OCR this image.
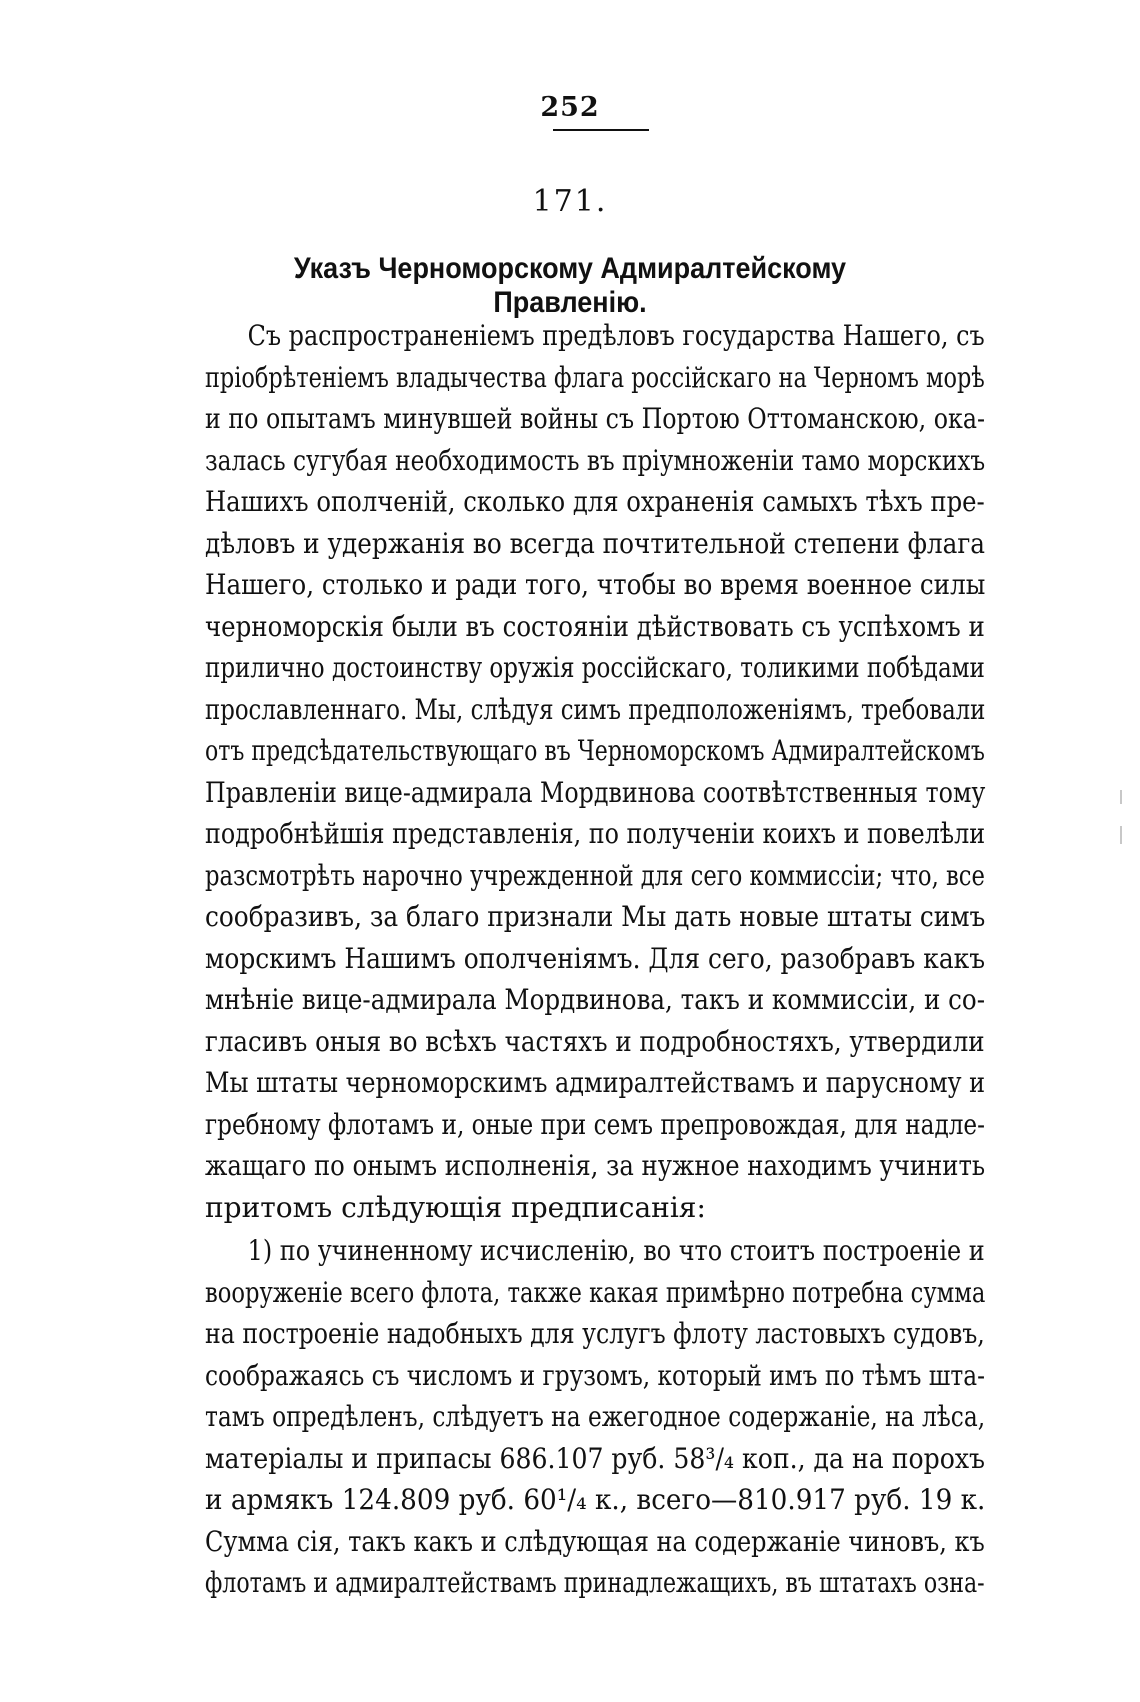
252
171.
Указъ Черноморскому Адмиралтейскому Правленію.
Съ распространеніемъ предѣловъ государства Нашего, съ
пріобрѣтеніемъ владычества флага россійскаго на Черномъ морѣ
и по опытамъ минувшей войны съ Портою Оттоманскою, ока-
залась сугубая необходимость въ пріумноженіи тамо морскихъ
Нашихъ ополченій, сколько для охраненія самыхъ тѣхъ пре-
дѣловъ и удержанія во всегда почтительной степени флага
Нашего, столько и ради того, чтобы во время военное силы
черноморскія были въ состояніи дѣйствовать съ успѣхомъ и
прилично достоинству оружія россійскаго, толикими побѣдами
прославленнаго. Мы, слѣдуя симъ предположеніямъ, требовали
отъ предсѣдательствующаго въ Черноморскомъ Адмиралтейскомъ
Правленіи вице-адмирала Мордвинова соотвѣтственныя тому
подробнѣйшія представленія, по полученіи коихъ и повелѣли
разсмотрѣть нарочно учрежденной для сего коммиссіи; что, все
сообразивъ, за благо признали Мы дать новые штаты симъ
морскимъ Нашимъ ополченіямъ. Для сего, разобравъ какъ
мнѣніе вице-адмирала Мордвинова, такъ и коммиссіи, и со-
гласивъ оныя во всѣхъ частяхъ и подробностяхъ, утвердили
Мы штаты черноморскимъ адмиралтействамъ и парусному и
гребному флотамъ и, оные при семъ препровождая, для надле-
жащаго по онымъ исполненія, за нужное находимъ учинить
притомъ слѣдующія предписанія:
1) по учиненному исчисленію, во что стоитъ построеніе и
вооруженіе всего флота, также какая примѣрно потребна сумма
на построеніе надобныхъ для услугъ флоту ластовыхъ судовъ,
соображаясь съ числомъ и грузомъ, который имъ по тѣмъ шта-
тамъ опредѣленъ, слѣдуетъ на ежегодное содержаніе, на лѣса,
матеріалы и припасы 686.107 руб. 58³/₄ коп., да на порохъ
и армякъ 124.809 руб. 60¹/₄ к., всего—810.917 руб. 19 к.
Сумма сія, такъ какъ и слѣдующая на содержаніе чиновъ, къ
флотамъ и адмиралтействамъ принадлежащихъ, въ штатахъ озна-
